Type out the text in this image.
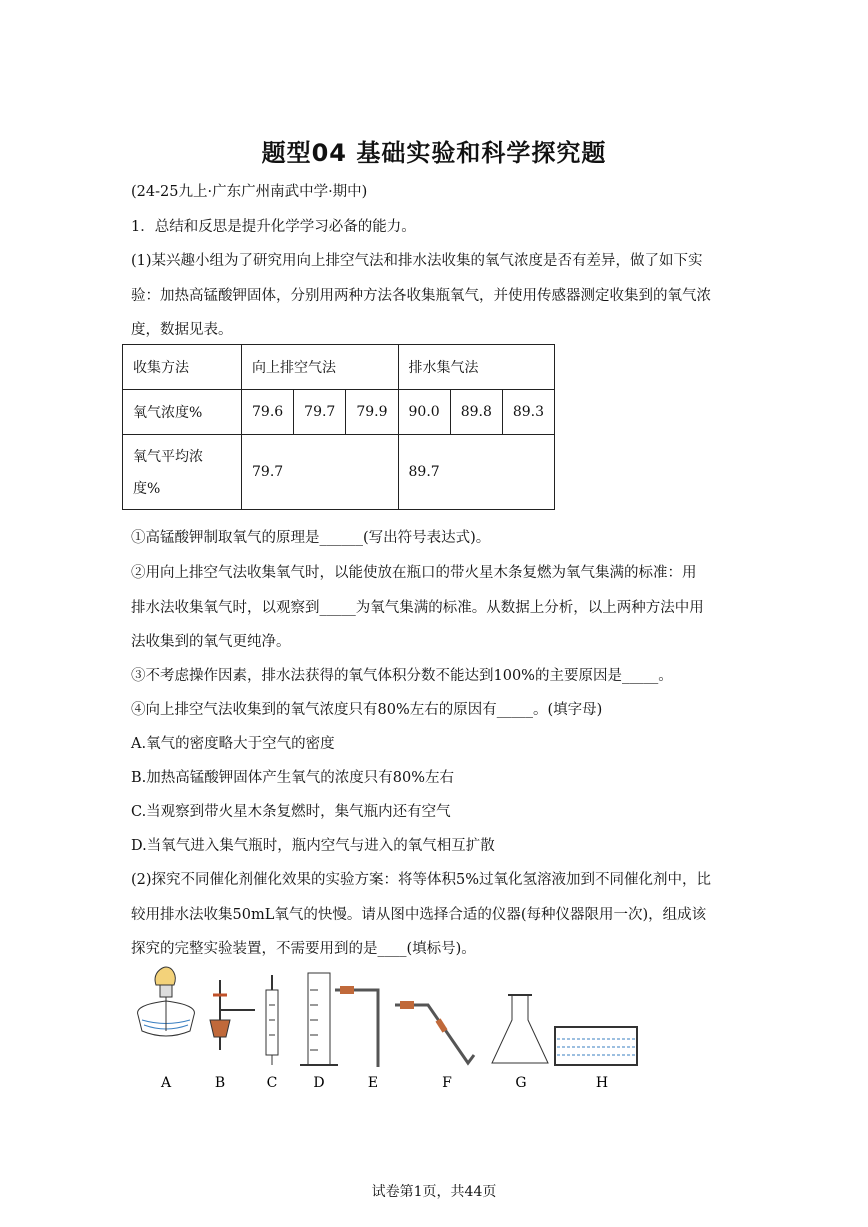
题型04 基础实验和科学探究题
(24-25九上·广东广州南武中学·期中)
1．总结和反思是提升化学学习必备的能力。
(1)某兴趣小组为了研究用向上排空气法和排水法收集的氧气浓度是否有差异，做了如下实
验：加热高锰酸钾固体，分别用两种方法各收集瓶氧气，并使用传感器测定收集到的氧气浓
度，数据见表。
收集方法	向上排空气法			排水集气法		
氧气浓度%	79.6	79.7	79.9	90.0	89.8	89.3

氧气平均浓
度%	79.7			89.7		
①高锰酸钾制取氧气的原理是______(写出符号表达式)。
②用向上排空气法收集氧气时，以能使放在瓶口的带火星木条复燃为氧气集满的标准：用
排水法收集氧气时，以观察到_____为氧气集满的标准。从数据上分析，以上两种方法中用
法收集到的氧气更纯净。
③不考虑操作因素，排水法获得的氧气体积分数不能达到100%的主要原因是_____。
④向上排空气法收集到的氧气浓度只有80%左右的原因有_____。(填字母)
A.氧气的密度略大于空气的密度
B.加热高锰酸钾固体产生氧气的浓度只有80%左右
C.当观察到带火星木条复燃时，集气瓶内还有空气
D.当氧气进入集气瓶时，瓶内空气与进入的氧气相互扩散
(2)探究不同催化剂催化效果的实验方案：将等体积5%过氧化氢溶液加到不同催化剂中，比
较用排水法收集50mL氧气的快慢。请从图中选择合适的仪器(每种仪器限用一次)，组成该
探究的完整实验装置，不需要用到的是____(填标号)。
A	B	C	D	E	F	G	H
试卷第1页，共44页
